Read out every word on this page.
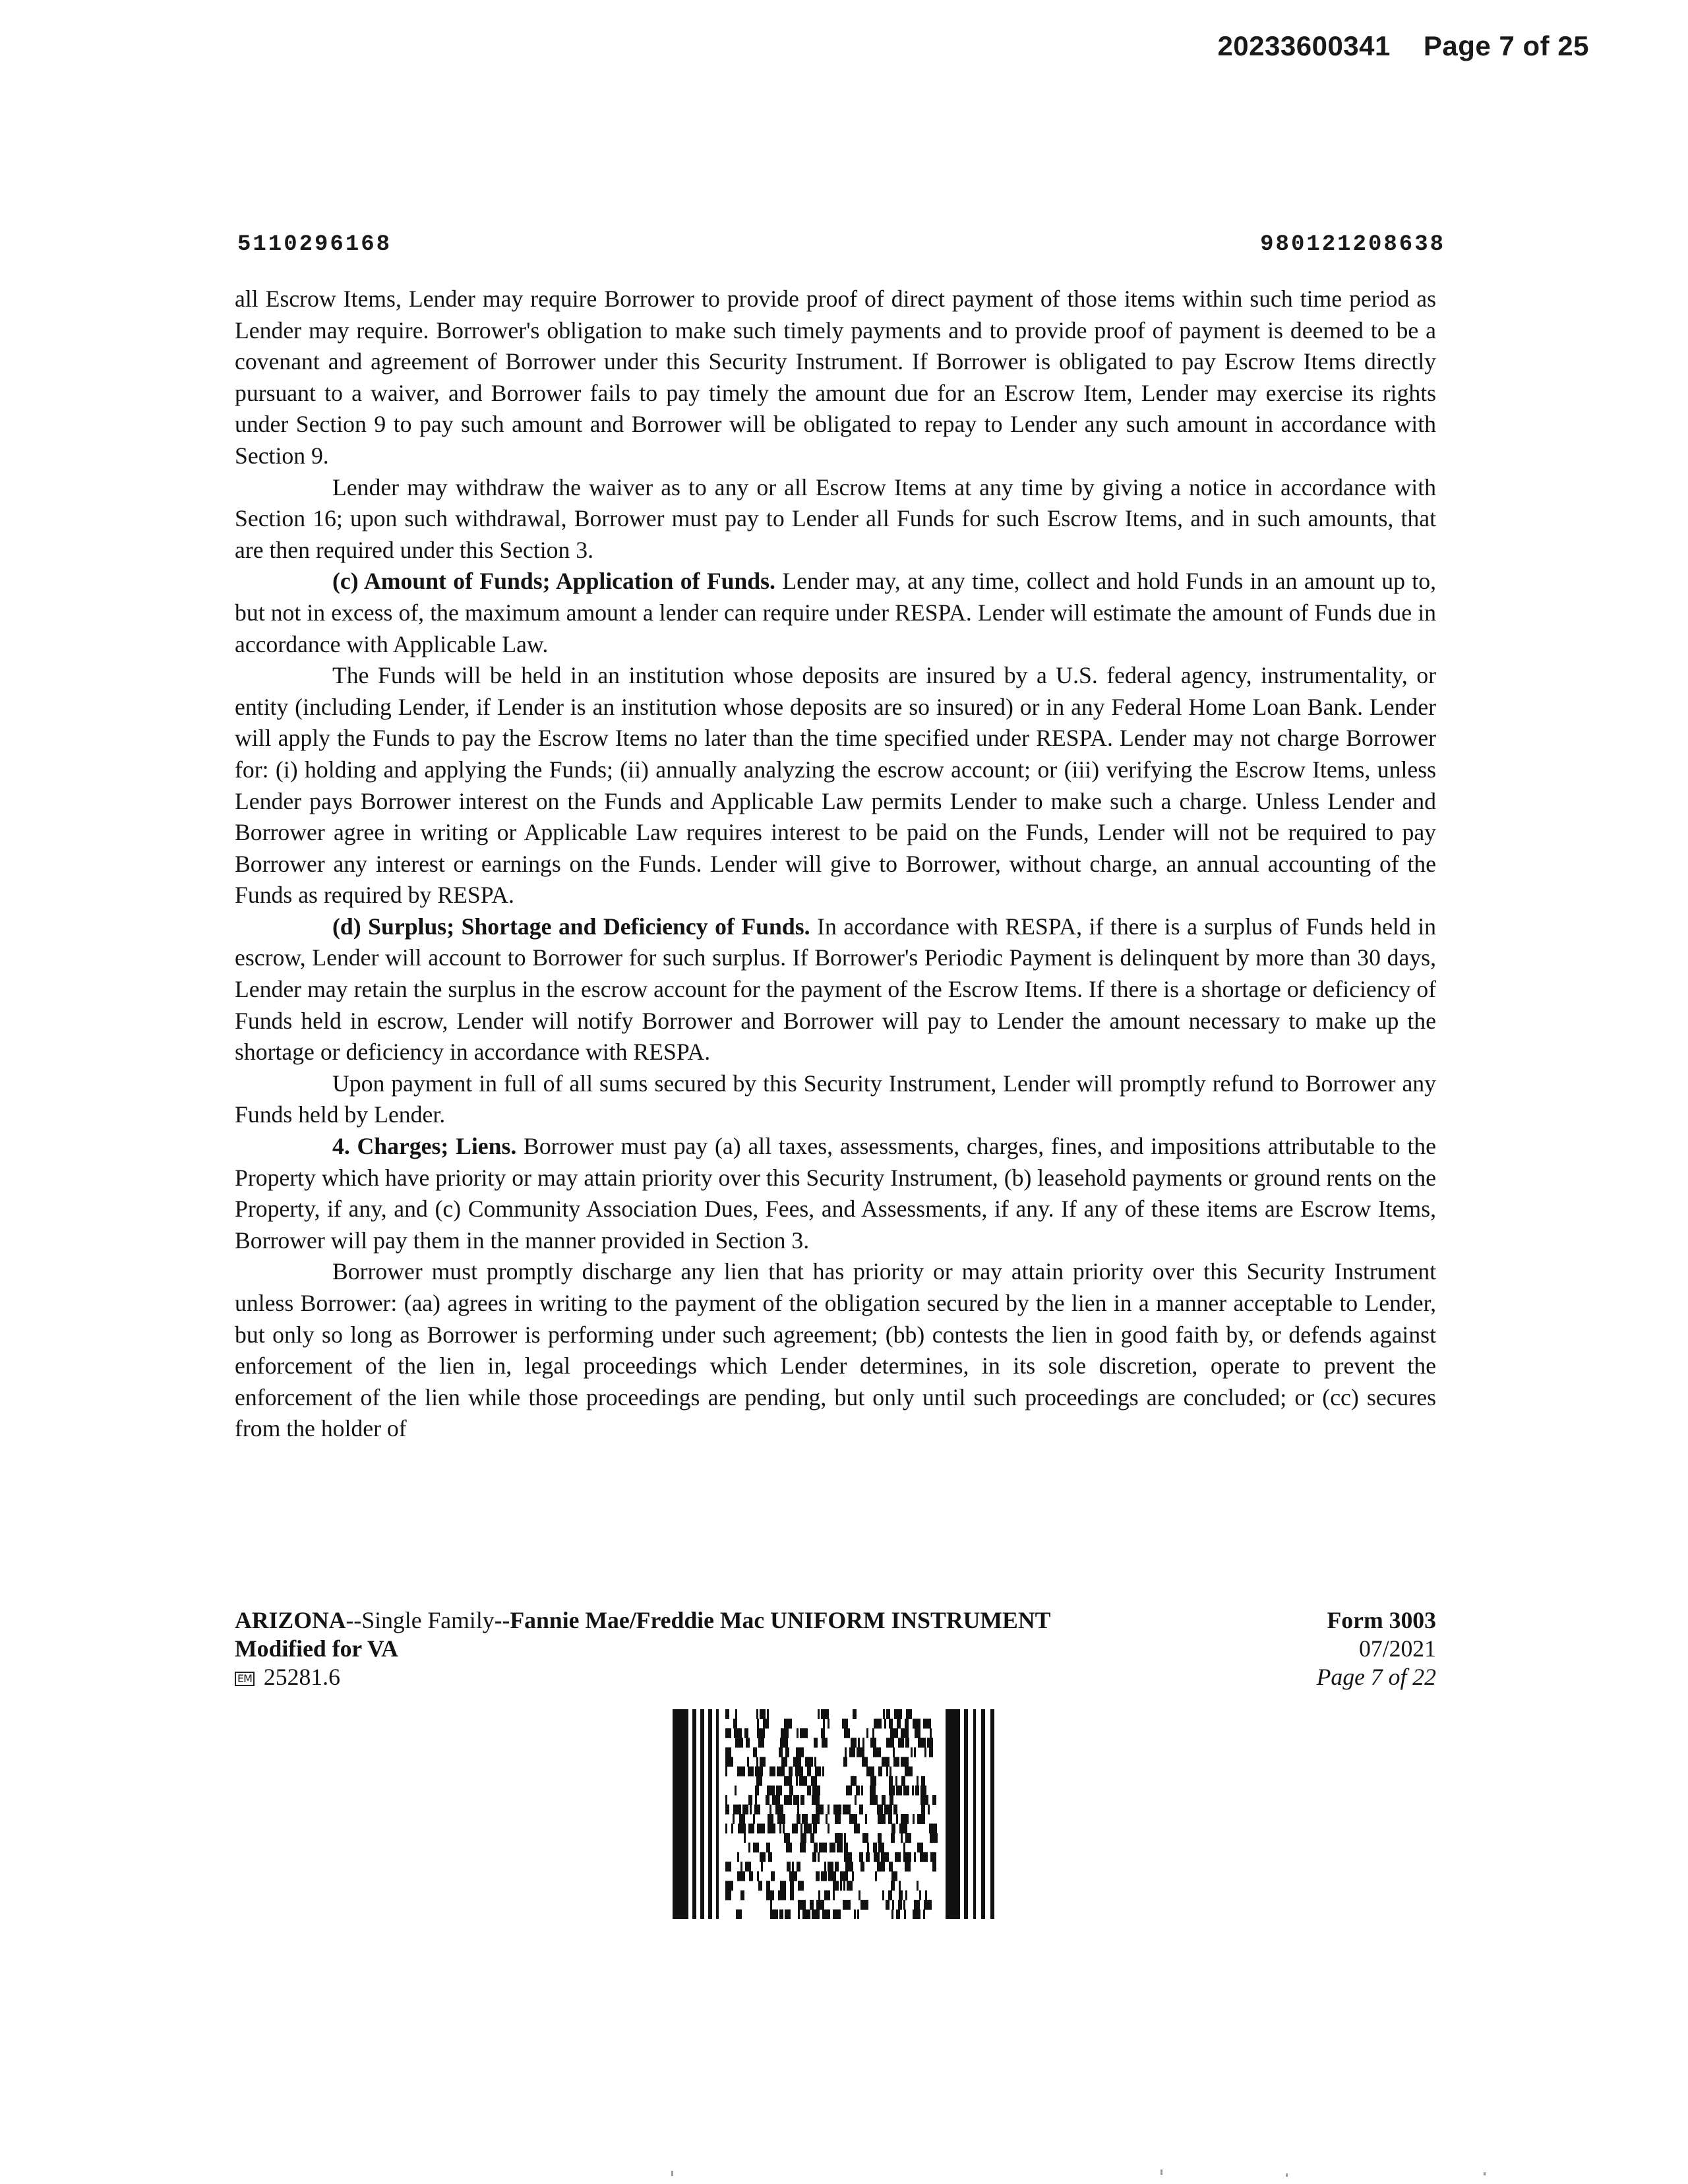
20233600341 Page 7 of 25
5110296168	980121208638

all Escrow Items, Lender may require Borrower to provide proof of direct payment of those items within such time period as Lender may require. Borrower's obligation to make such timely payments and to provide proof of payment is deemed to be a covenant and agreement of Borrower under this Security Instrument. If Borrower is obligated to pay Escrow Items directly pursuant to a waiver, and Borrower fails to pay timely the amount due for an Escrow Item, Lender may exercise its rights under Section 9 to pay such amount and Borrower will be obligated to repay to Lender any such amount in accordance with Section 9.

Lender may withdraw the waiver as to any or all Escrow Items at any time by giving a notice in accordance with Section 16; upon such withdrawal, Borrower must pay to Lender all Funds for such Escrow Items, and in such amounts, that are then required under this Section 3.

(c) Amount of Funds; Application of Funds. Lender may, at any time, collect and hold Funds in an amount up to, but not in excess of, the maximum amount a lender can require under RESPA. Lender will estimate the amount of Funds due in accordance with Applicable Law.

The Funds will be held in an institution whose deposits are insured by a U.S. federal agency, instrumentality, or entity (including Lender, if Lender is an institution whose deposits are so insured) or in any Federal Home Loan Bank. Lender will apply the Funds to pay the Escrow Items no later than the time specified under RESPA. Lender may not charge Borrower for: (i) holding and applying the Funds; (ii) annually analyzing the escrow account; or (iii) verifying the Escrow Items, unless Lender pays Borrower interest on the Funds and Applicable Law permits Lender to make such a charge. Unless Lender and Borrower agree in writing or Applicable Law requires interest to be paid on the Funds, Lender will not be required to pay Borrower any interest or earnings on the Funds. Lender will give to Borrower, without charge, an annual accounting of the Funds as required by RESPA.

(d) Surplus; Shortage and Deficiency of Funds. In accordance with RESPA, if there is a surplus of Funds held in escrow, Lender will account to Borrower for such surplus. If Borrower's Periodic Payment is delinquent by more than 30 days, Lender may retain the surplus in the escrow account for the payment of the Escrow Items. If there is a shortage or deficiency of Funds held in escrow, Lender will notify Borrower and Borrower will pay to Lender the amount necessary to make up the shortage or deficiency in accordance with RESPA.

Upon payment in full of all sums secured by this Security Instrument, Lender will promptly refund to Borrower any Funds held by Lender.

4. Charges; Liens. Borrower must pay (a) all taxes, assessments, charges, fines, and impositions attributable to the Property which have priority or may attain priority over this Security Instrument, (b) leasehold payments or ground rents on the Property, if any, and (c) Community Association Dues, Fees, and Assessments, if any. If any of these items are Escrow Items, Borrower will pay them in the manner provided in Section 3.

Borrower must promptly discharge any lien that has priority or may attain priority over this Security Instrument unless Borrower: (aa) agrees in writing to the payment of the obligation secured by the lien in a manner acceptable to Lender, but only so long as Borrower is performing under such agreement; (bb) contests the lien in good faith by, or defends against enforcement of the lien in, legal proceedings which Lender determines, in its sole discretion, operate to prevent the enforcement of the lien while those proceedings are pending, but only until such proceedings are concluded; or (cc) secures from the holder of

ARIZONA--Single Family--Fannie Mae/Freddie Mac UNIFORM INSTRUMENT
Modified for VA
EM 25281.6
Form 3003
07/2021
Page 7 of 22
